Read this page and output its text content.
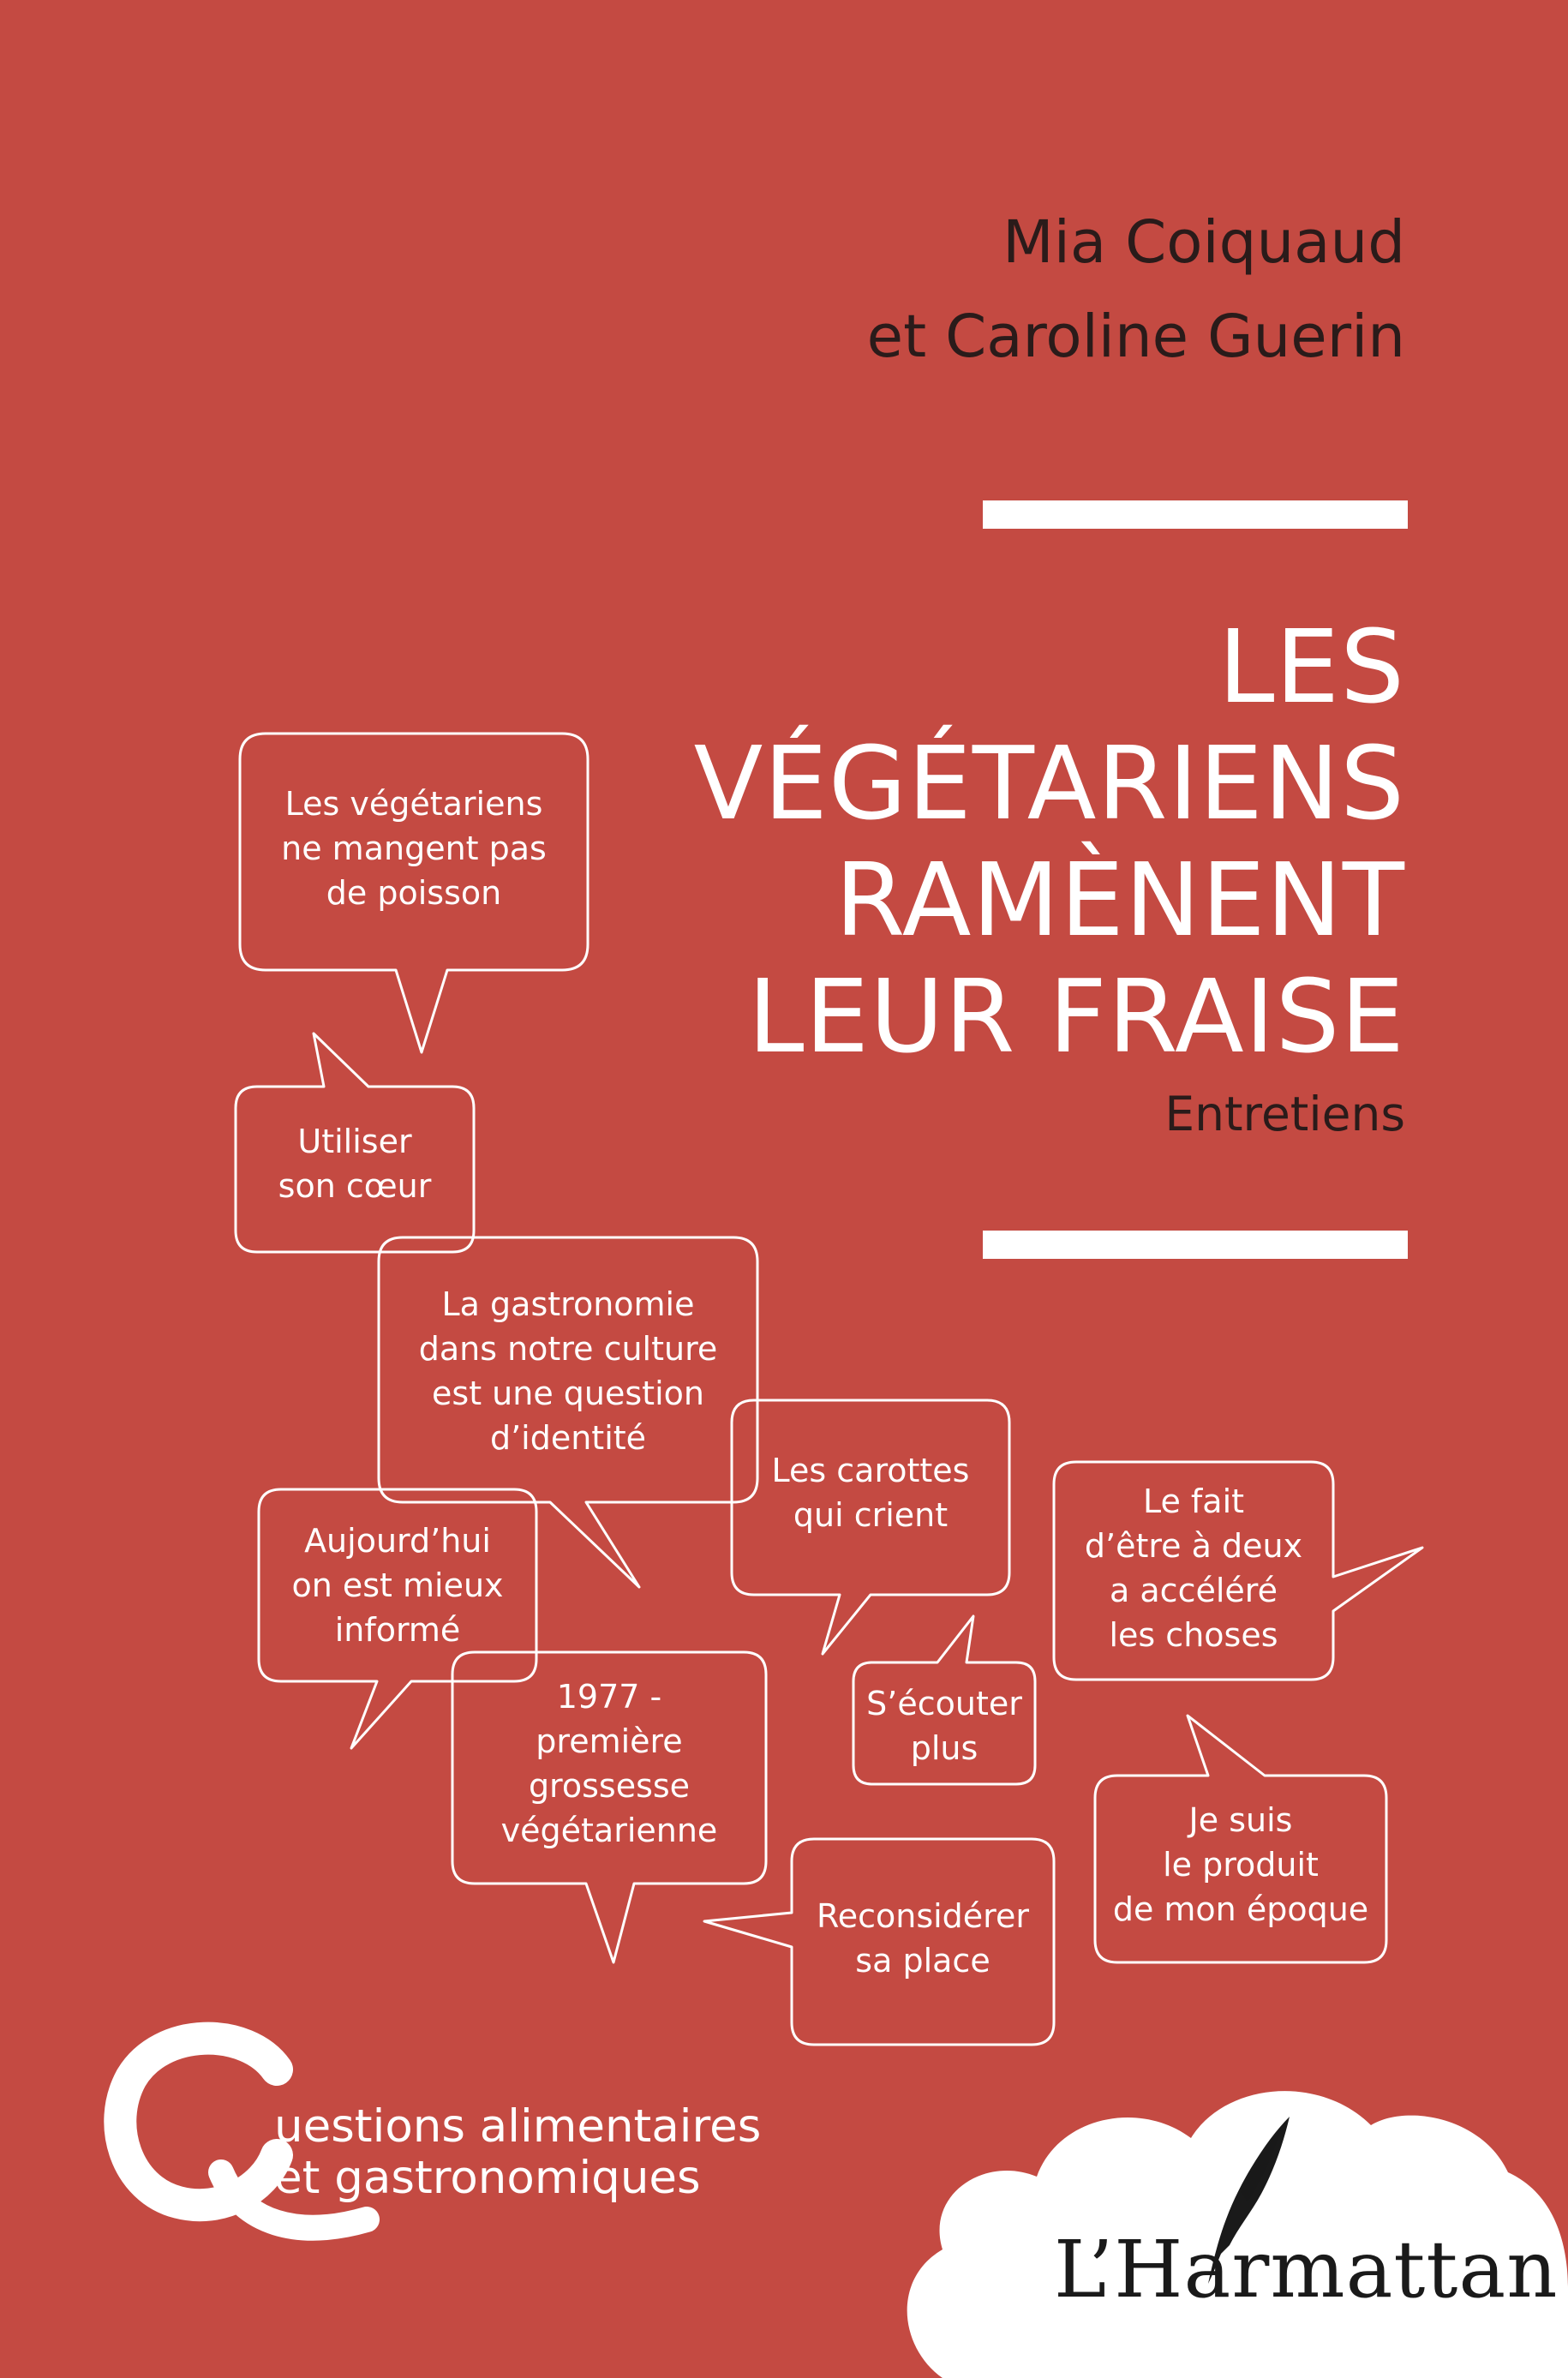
Mia Coiquaud
et Caroline Guerin
LES
VÉGÉTARIENS
RAMÈNENT
LEUR FRAISE
Entretiens
Les végétariens
ne mangent pas
de poisson
Utiliser
son cœur
La gastronomie
dans notre culture
est une question
d’identité
Les carottes
qui crient
Aujourd’hui
on est mieux
informé
1977 -
première
grossesse
végétarienne
S’écouter
plus
Le fait
d’être à deux
a accéléré
les choses
Je suis
le produit
de mon époque
Reconsidérer
sa place
uestions alimentaires
et gastronomiques
L’Harmattan
